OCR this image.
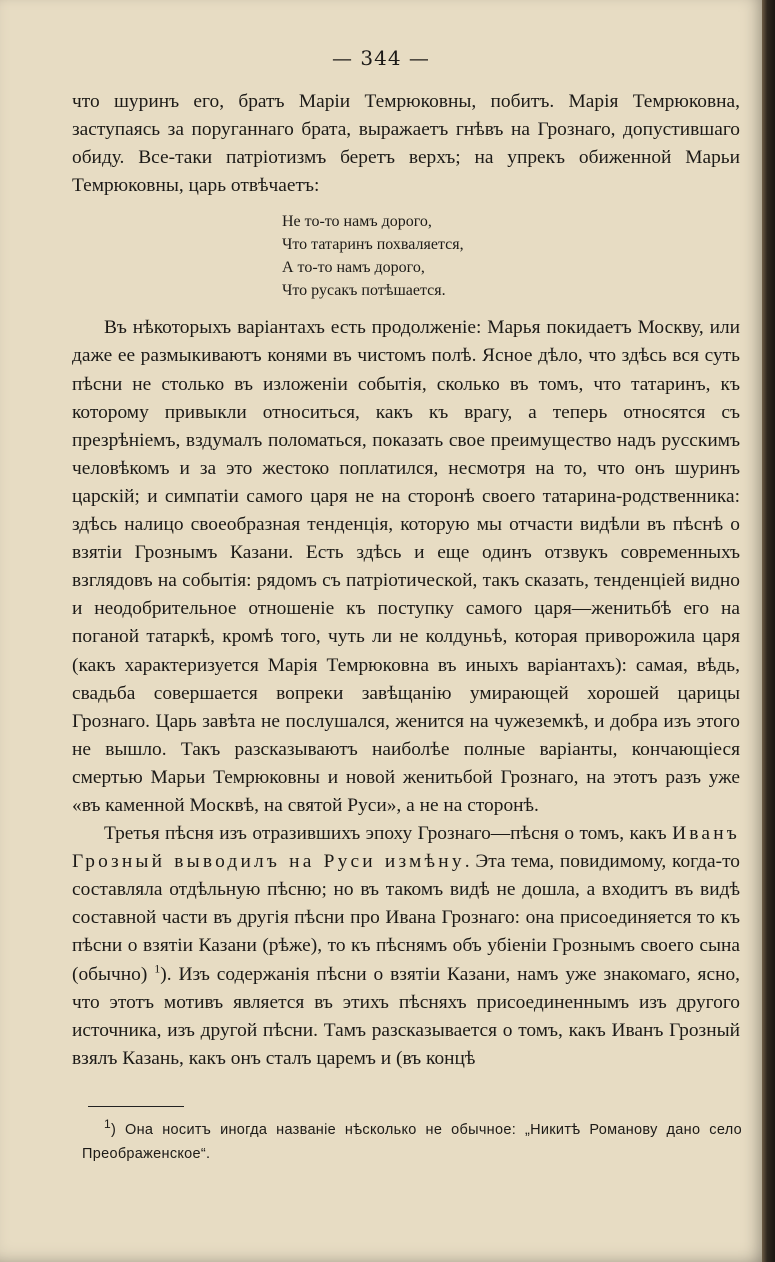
— 344 —

что шуринъ его, братъ Маріи Темрюковны, побитъ. Марія Темрюковна, заступаясь за поруганнаго брата, выражаетъ гнѣвъ на Грознаго, допустившаго обиду. Все-таки патріотизмъ беретъ верхъ; на упрекъ обиженной Марьи Темрюковны, царь отвѣчаетъ:

Не то-то намъ дорого,
Что татаринъ похваляется,
А то-то намъ дорого,
Что русакъ потѣшается.

Въ нѣкоторыхъ варіантахъ есть продолженіе: Марья покидаетъ Москву, или даже ее размыкиваютъ конями въ чистомъ полѣ. Ясное дѣло, что здѣсь вся суть пѣсни не столько въ изложеніи событія, сколько въ томъ, что татаринъ, къ которому привыкли относиться, какъ къ врагу, а теперь относятся съ презрѣніемъ, вздумалъ поломаться, показать свое преимущество надъ русскимъ человѣкомъ и за это жестоко поплатился, несмотря на то, что онъ шуринъ царскій; и симпатіи самого царя не на сторонѣ своего татарина-родственника: здѣсь налицо своеобразная тенденція, которую мы отчасти видѣли въ пѣснѣ о взятіи Грознымъ Казани. Есть здѣсь и еще одинъ отзвукъ современныхъ взглядовъ на событія: рядомъ съ патріотической, такъ сказать, тенденціей видно и неодобрительное отношеніе къ поступку самого царя—женитьбѣ его на поганой татаркѣ, кромѣ того, чуть ли не колдуньѣ, которая приворожила царя (какъ характеризуется Марія Темрюковна въ иныхъ варіантахъ): самая, вѣдь, свадьба совершается вопреки завѣщанію умирающей хорошей царицы Грознаго. Царь завѣта не послушался, женится на чужеземкѣ, и добра изъ этого не вышло. Такъ разсказываютъ наиболѣе полные варіанты, кончающіеся смертью Марьи Темрюковны и новой женитьбой Грознаго, на этотъ разъ уже «въ каменной Москвѣ, на святой Руси», а не на сторонѣ.

Третья пѣсня изъ отразившихъ эпоху Грознаго—пѣсня о томъ, какъ Иванъ Грозный выводилъ на Руси измѣну. Эта тема, повидимому, когда-то составляла отдѣльную пѣсню; но въ такомъ видѣ не дошла, а входитъ въ видѣ составной части въ другія пѣсни про Ивана Грознаго: она присоединяется то къ пѣсни о взятіи Казани (рѣже), то къ пѣснямъ объ убіеніи Грознымъ своего сына (обычно) $^1$). Изъ содержанія пѣсни о взятіи Казани, намъ уже знакомаго, ясно, что этотъ мотивъ является въ этихъ пѣсняхъ присоединеннымъ изъ другого источника, изъ другой пѣсни. Тамъ разсказывается о томъ, какъ Иванъ Грозный взялъ Казань, какъ онъ сталъ царемъ и (въ концѣ

$^1$) Она носитъ иногда названіе нѣсколько не обычное: „Никитѣ Романову дано село Преображенское“.
